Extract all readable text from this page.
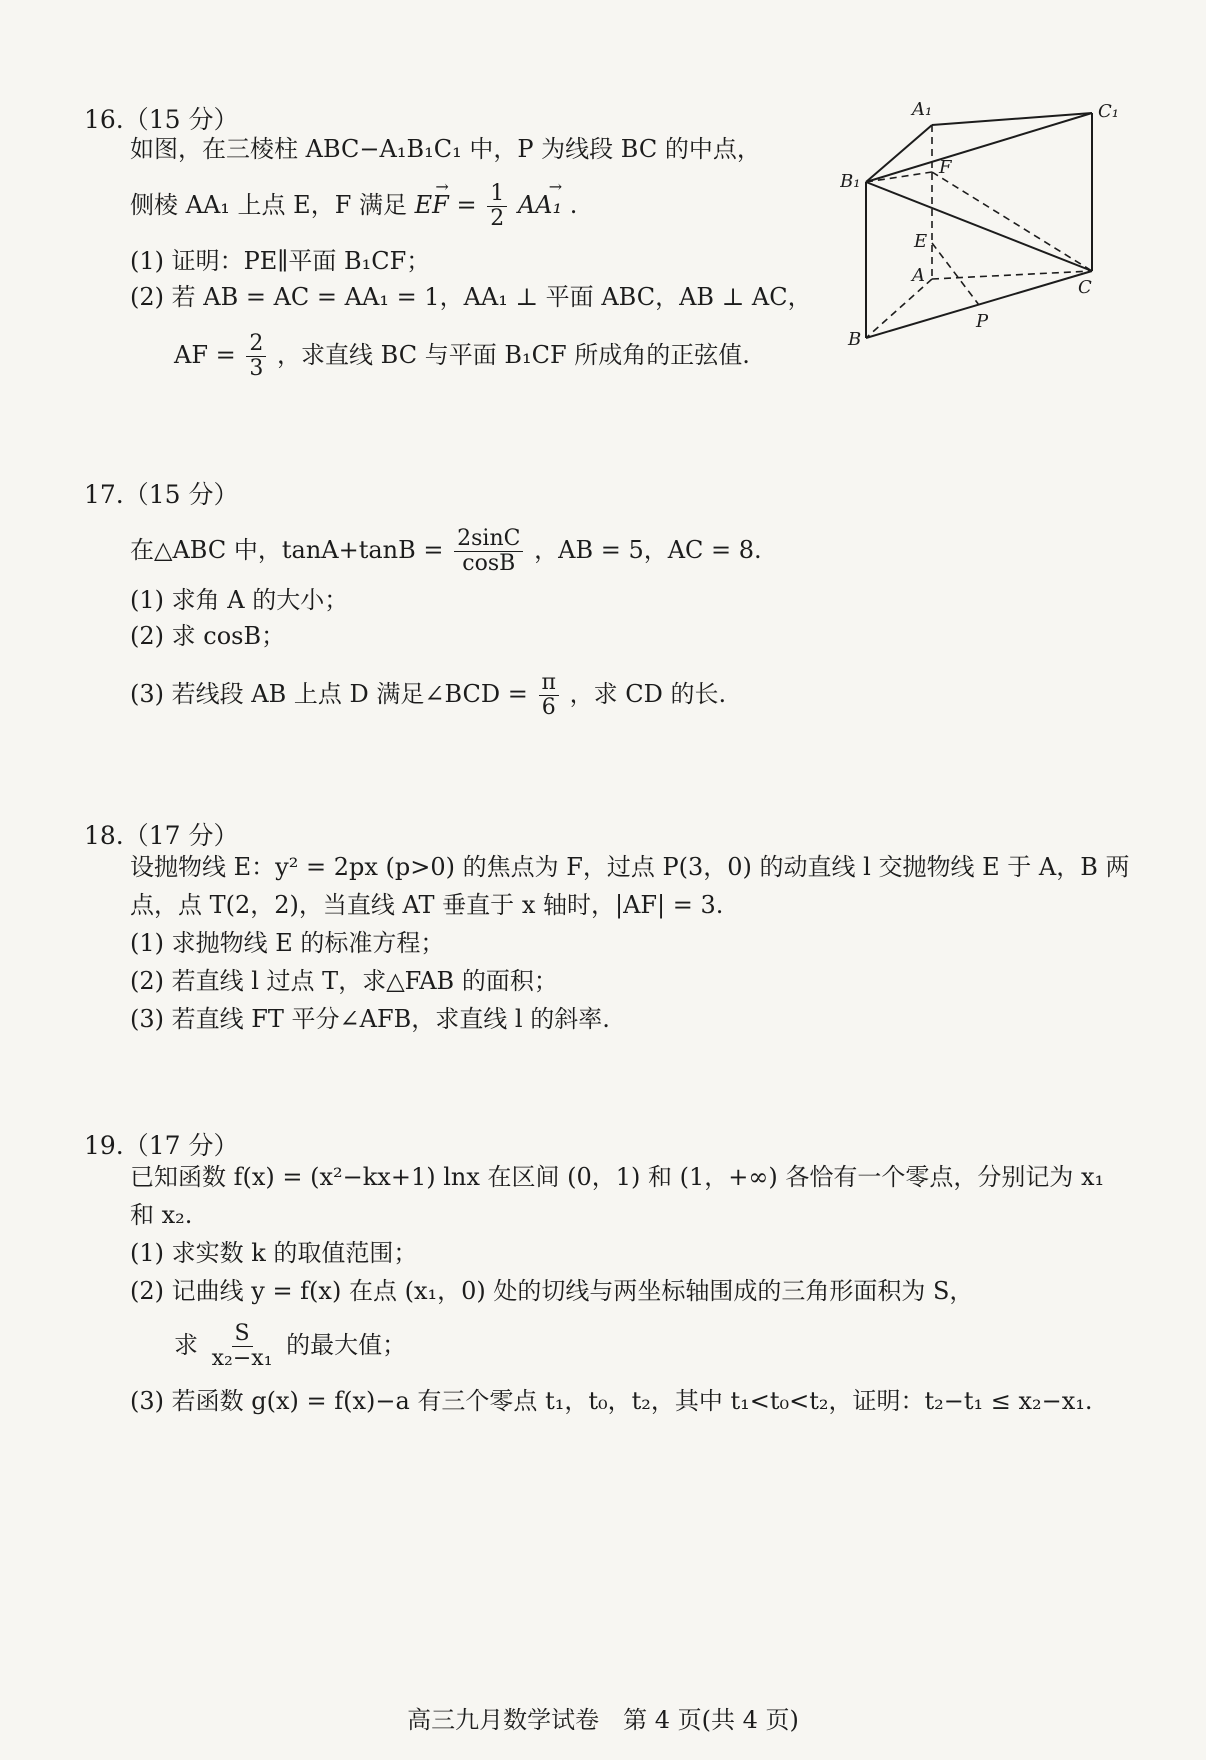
16.（15 分）
如图，在三棱柱 ABC−A₁B₁C₁ 中，P 为线段 BC 的中点，
侧棱 AA₁ 上点 E，F 满足 EF → = $\frac{1}{2} AA_1$ → .
(1) 证明：PE∥平面 B₁CF；
(2) 若 AB = AC = AA₁ = 1，AA₁ ⊥ 平面 ABC，AB ⊥ AC，
AF = $\frac{2}{3}$ ，求直线 BC 与平面 B₁CF 所成角的正弦值.
A₁	C₁
B₁
F
E
A
C
P
B
17.（15 分）
在△ABC 中，$\tan A+\tan B = \frac{2\sin C}{\cos B}$ ，AB = 5，AC = 8.
(1) 求角 A 的大小；
(2) 求 cosB；
(3) 若线段 AB 上点 D 满足∠BCD = $\frac{\pi}{6}$ ，求 CD 的长.
18.（17 分）
设抛物线 E：y² = 2px (p>0) 的焦点为 F，过点 P(3，0) 的动直线 l 交抛物线 E 于 A，B 两
点，点 T(2，2)，当直线 AT 垂直于 x 轴时，|AF| = 3.
(1) 求抛物线 E 的标准方程；
(2) 若直线 l 过点 T，求△FAB 的面积；
(3) 若直线 FT 平分∠AFB，求直线 l 的斜率.
19.（17 分）
已知函数 f(x) = (x²−kx+1) lnx 在区间 (0，1) 和 (1，+∞) 各恰有一个零点，分别记为 x₁
和 x₂.
(1) 求实数 k 的取值范围；
(2) 记曲线 y = f(x) 在点 (x₁，0) 处的切线与两坐标轴围成的三角形面积为 S，
求 $\frac{S}{\text{x₂−x₁}}$ 的最大值；
(3) 若函数 g(x) = f(x)−a 有三个零点 t₁，t₀，t₂，其中 t₁<t₀<t₂，证明：t₂−t₁ ≤ x₂−x₁.
高三九月数学试卷　第 4 页(共 4 页)
